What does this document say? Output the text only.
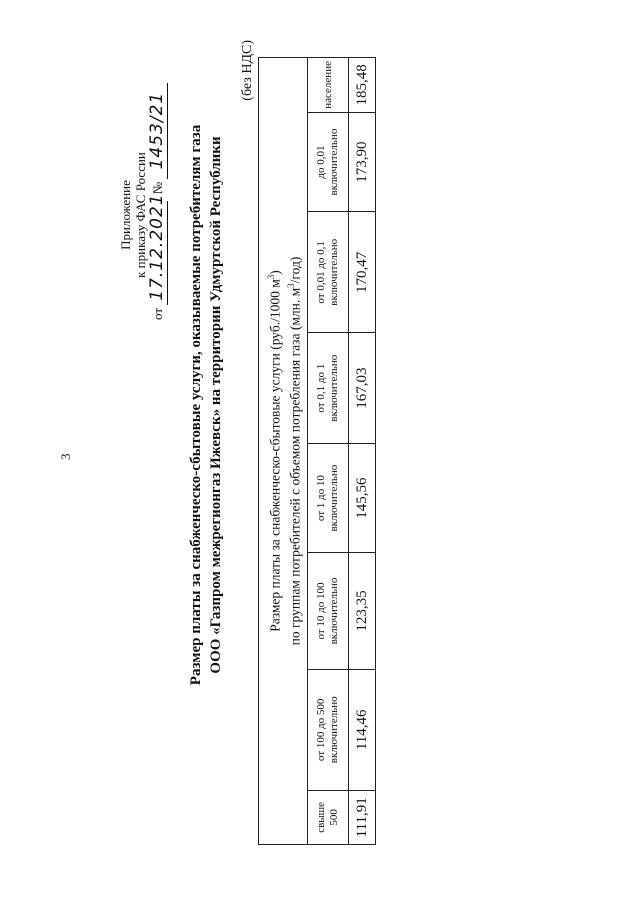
3
Приложение к приказу ФАС России
от 17.12.2021  № 1453/21 Размер платы за снабженческо-сбытовые услуги, оказываемые потребителям газа ООО «Газпром межрегионгаз Ижевск» на территории Удмуртской Республики
(без НДС)
Размер платы за снабженческо-сбытовые услуги (руб./1000 $м^3$)
по группам потребителей с объемом потребления газа (млн. $м^3/год$)							

свыше 500	от 100 до 500 включительно	от 10 до 100 включительно	от 1 до 10 включительно	от 0,1 до 1 включительно	от 0,01 до 0,1 включительно	до 0,01 включительно	население
111,91	114,46	123,35	145,56	167,03	170,47	173,90	185,48
